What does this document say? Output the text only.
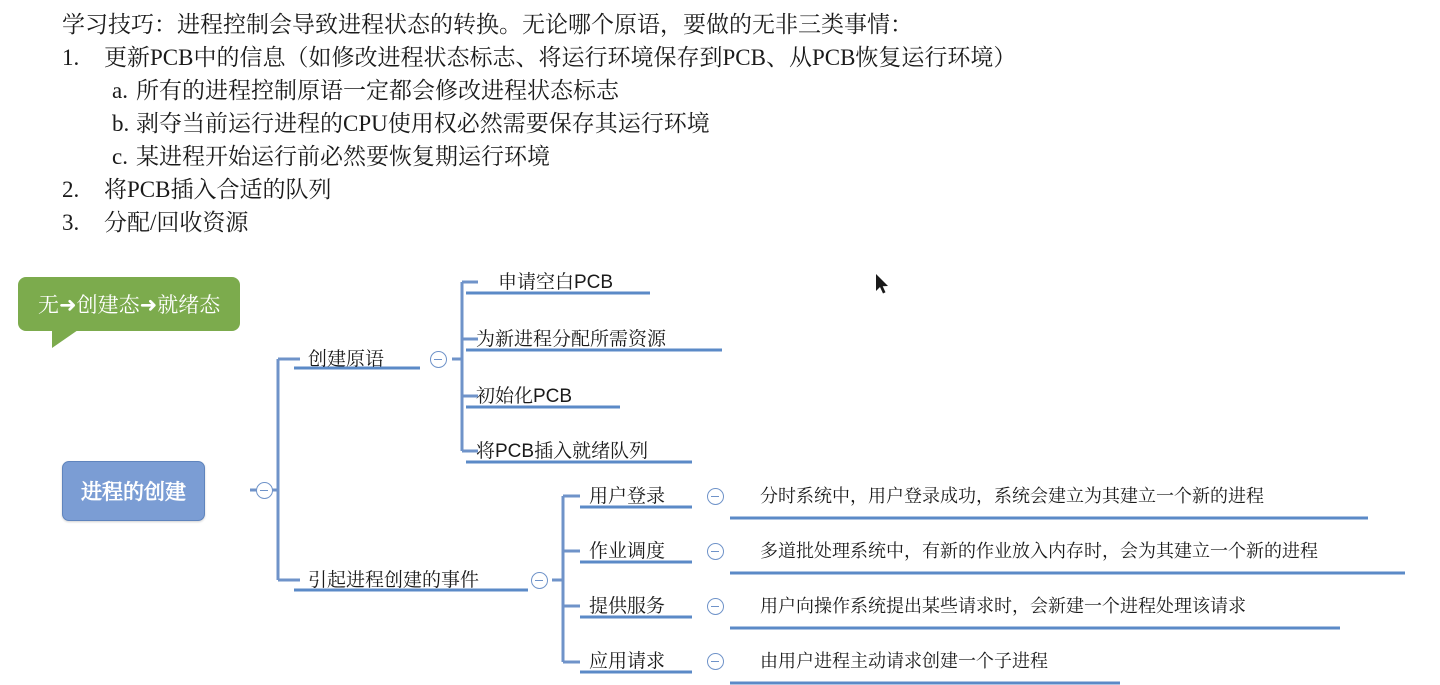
学习技巧：进程控制会导致进程状态的转换。无论哪个原语，要做的无非三类事情：
1.	更新PCB中的信息（如修改进程状态标志、将运行环境保存到PCB、从PCB恢复运行环境）
a. 所有的进程控制原语一定都会修改进程状态标志
b. 剥夺当前运行进程的CPU使用权必然需要保存其运行环境
c. 某进程开始运行前必然要恢复期运行环境
2.	将PCB插入合适的队列
3.	分配/回收资源
无➜创建态➜就绪态
进程的创建
创建原语
申请空白PCB
为新进程分配所需资源
初始化PCB
将PCB插入就绪队列
引起进程创建的事件
用户登录	分时系统中，用户登录成功，系统会建立为其建立一个新的进程
作业调度	多道批处理系统中，有新的作业放入内存时，会为其建立一个新的进程
提供服务	用户向操作系统提出某些请求时，会新建一个进程处理该请求
应用请求	由用户进程主动请求创建一个子进程
